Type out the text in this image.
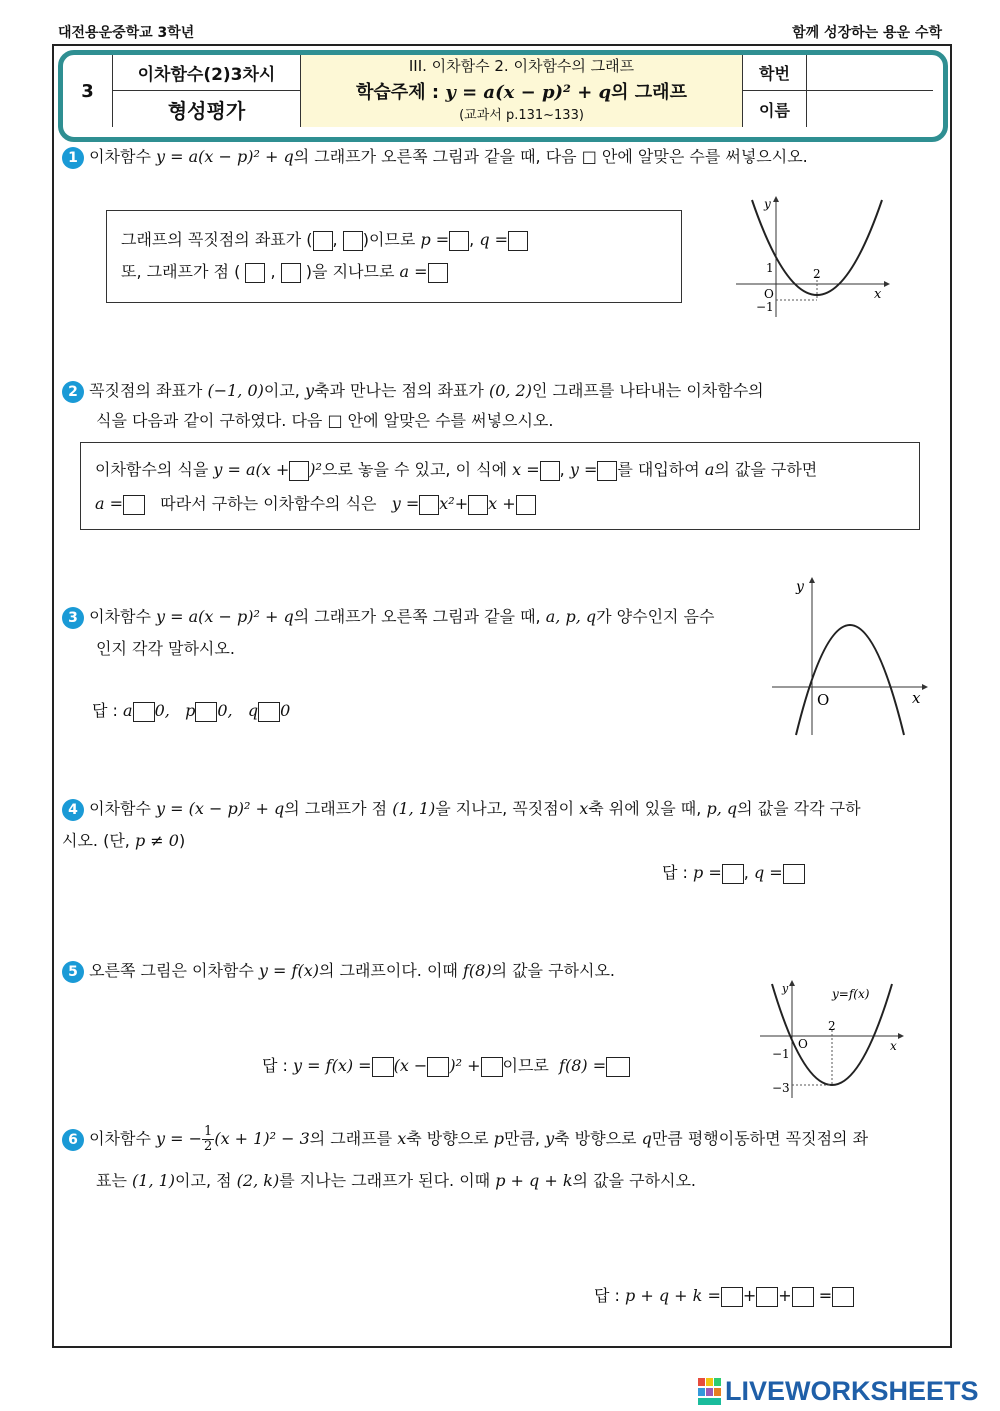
대전용운중학교 3학년	함께 성장하는 용운 수학
3
이차함수(2)3차시
형성평가
III. 이차함수 2. 이차함수의 그래프
학습주제 : y = a(x − p)² + q의 그래프
(교과서 p.131~133)
학번
이름
1 이차함수 y = a(x − p)² + q의 그래프가 오른쪽 그림과 같을 때, 다음 □ 안에 알맞은 수를 써넣으시오.
그래프의 꼭짓점의 좌표가 ( , )이므로 p = , q =
또, 그래프가 점 ( , )을 지나므로 a =
y
x
O
1	2
−1
2 꼭짓점의 좌표가 (−1, 0)이고, y축과 만나는 점의 좌표가 (0, 2)인 그래프를 나타내는 이차함수의
식을 다음과 같이 구하였다. 다음 □ 안에 알맞은 수를 써넣으시오.
이차함수의 식을 y = a(x + )²으로 놓을 수 있고, 이 식에 x = , y = 를 대입하여 a의 값을 구하면
a = 따라서 구하는 이차함수의 식은 y = x²+ x +
3 이차함수 y = a(x − p)² + q의 그래프가 오른쪽 그림과 같을 때, a, p, q가 양수인지 음수
인지 각각 말하시오.
답 : a 0, p 0, q 0
y
x
O
4 이차함수 y = (x − p)² + q의 그래프가 점 (1, 1)을 지나고, 꼭짓점이 x축 위에 있을 때, p, q의 값을 각각 구하
시오. (단, p ≠ 0)
답 : p = , q =
5 오른쪽 그림은 이차함수 y = f(x)의 그래프이다. 이때 f(8)의 값을 구하시오.
답 : y = f(x) = (x − )² + 이므로 f(8) =
y
x
O
y=f(x)
2
−1
−3
6 이차함수 y = − $\frac{1}{2} (x + 1)^2 - 3$의 그래프를 x축 방향으로 p만큼, y축 방향으로 q만큼 평행이동하면 꼭짓점의 좌
표는 (1, 1)이고, 점 (2, k)를 지나는 그래프가 된다. 이때 p + q + k의 값을 구하시오.
답 : p + q + k = + + =
LIVEWORKSHEETS
